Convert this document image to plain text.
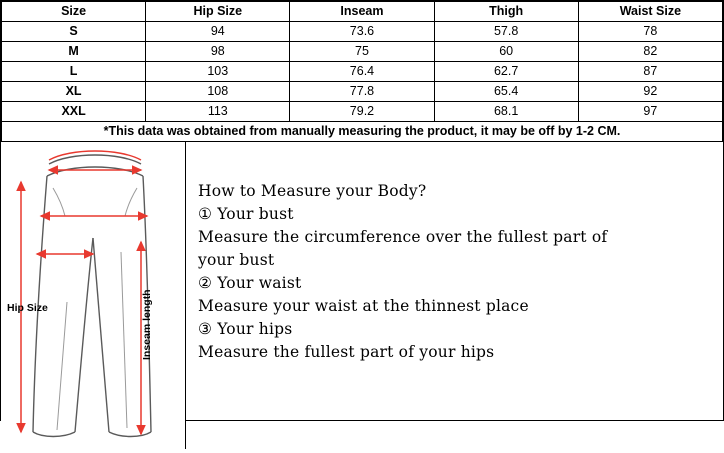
Size	Hip Size	Inseam	Thigh	Waist Size
S	94	73.6	57.8	78
M	98	75	60	82
L	103	76.4	62.7	87
XL	108	77.8	65.4	92
XXL	113	79.2	68.1	97
*This data was obtained from manually measuring the product, it may be off by 1-2 CM.				
Hip Size	Inseam length
How to Measure your Body?
① Your bust
Measure the circumference over the fullest part of
your bust
② Your waist
Measure your waist at the thinnest place
③ Your hips
Measure the fullest part of your hips
